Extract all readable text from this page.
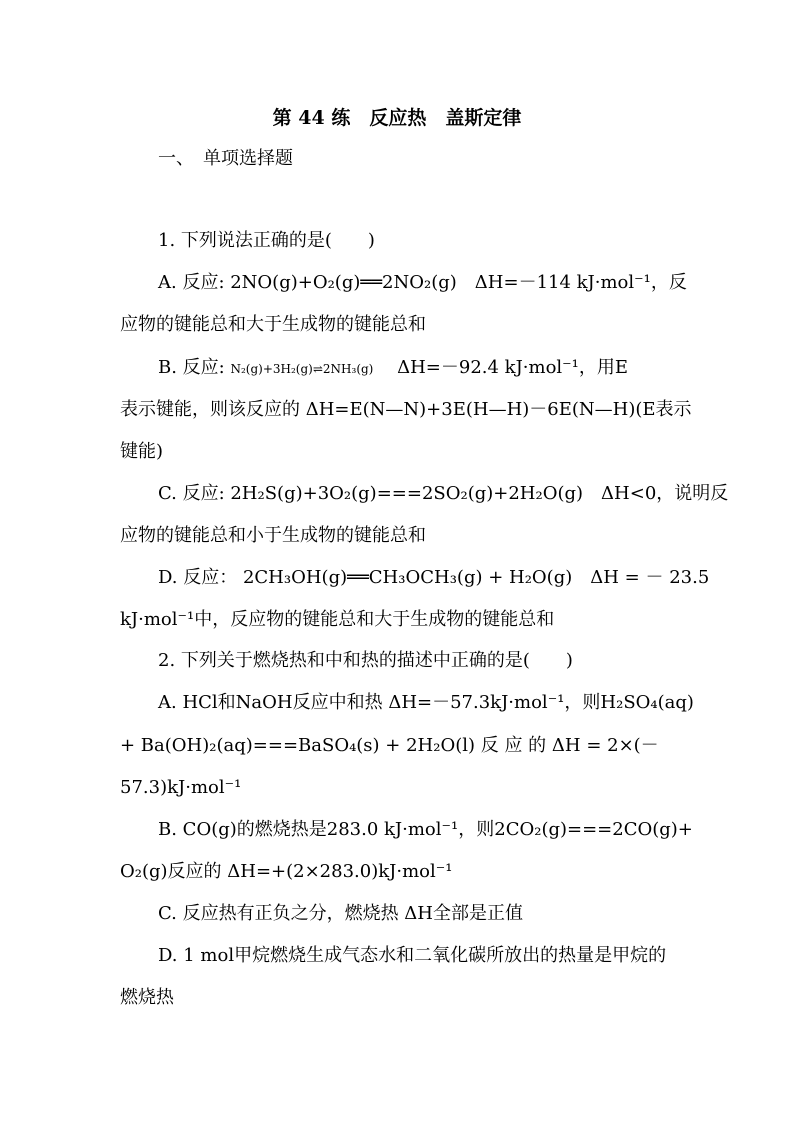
第 44 练　反应热　盖斯定律
一、　单项选择题
1. 下列说法正确的是(　　)
A. 反应: 2NO(g)+O₂(g)══2NO₂(g)　ΔH=－114 kJ·mol⁻¹，反
应物的键能总和大于生成物的键能总和
B. 反应: N₂(g)+3H₂(g)⇌2NH₃(g) 　ΔH=－92.4 kJ·mol⁻¹，用E
表示键能，则该反应的 ΔH=E(N—N)+3E(H—H)－6E(N—H)(E表示
键能)
C. 反应: 2H₂S(g)+3O₂(g)===2SO₂(g)+2H₂O(g)　ΔH<0，说明反
应物的键能总和小于生成物的键能总和
D. 反应： 2CH₃OH(g)══CH₃OCH₃(g) + H₂O(g)　ΔH = － 23.5
kJ·mol⁻¹中，反应物的键能总和大于生成物的键能总和
2. 下列关于燃烧热和中和热的描述中正确的是(　　)
A. HCl和NaOH反应中和热 ΔH=－57.3kJ·mol⁻¹，则H₂SO₄(aq)
+ Ba(OH)₂(aq)===BaSO₄(s) + 2H₂O(l) 反 应 的 ΔH = 2×(－
57.3)kJ·mol⁻¹
B. CO(g)的燃烧热是283.0 kJ·mol⁻¹，则2CO₂(g)===2CO(g)+
O₂(g)反应的 ΔH=+(2×283.0)kJ·mol⁻¹
C. 反应热有正负之分，燃烧热 ΔH全部是正值
D. 1 mol甲烷燃烧生成气态水和二氧化碳所放出的热量是甲烷的
燃烧热
